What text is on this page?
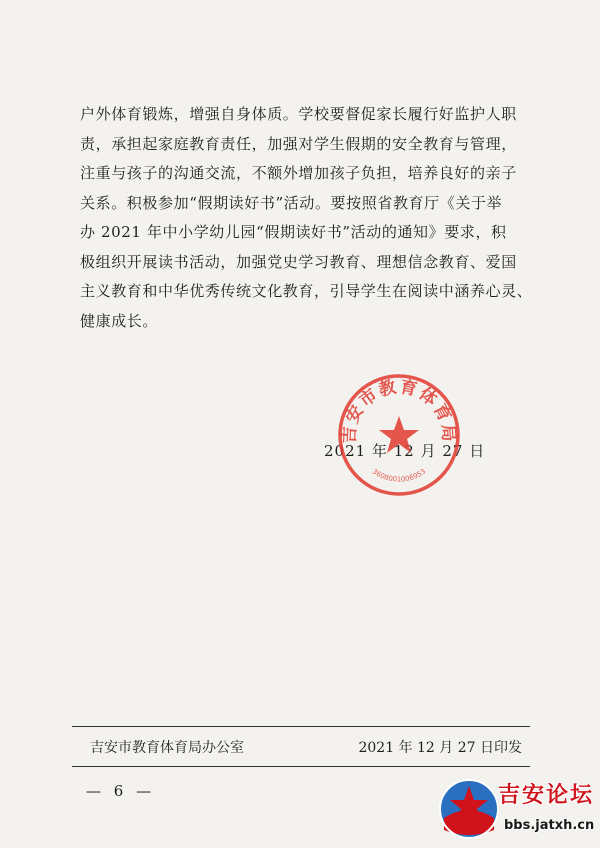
户外体育锻炼，增强自身体质。学校要督促家长履行好监护人职
责，承担起家庭教育责任，加强对学生假期的安全教育与管理，
注重与孩子的沟通交流，不额外增加孩子负担，培养良好的亲子
关系。积极参加“假期读好书”活动。要按照省教育厅《关于举
办 2021 年中小学幼儿园“假期读好书”活动的通知》要求，积
极组织开展读书活动，加强党史学习教育、理想信念教育、爱国
主义教育和中华优秀传统文化教育，引导学生在阅读中涵养心灵、
健康成长。

2021 年 12 月 27 日
吉安市教育体育局
3608001006953
吉安市教育体育局办公室	2021 年 12 月 27 日印发
— 6 —	吉安论坛
bbs.jatxh.cn
